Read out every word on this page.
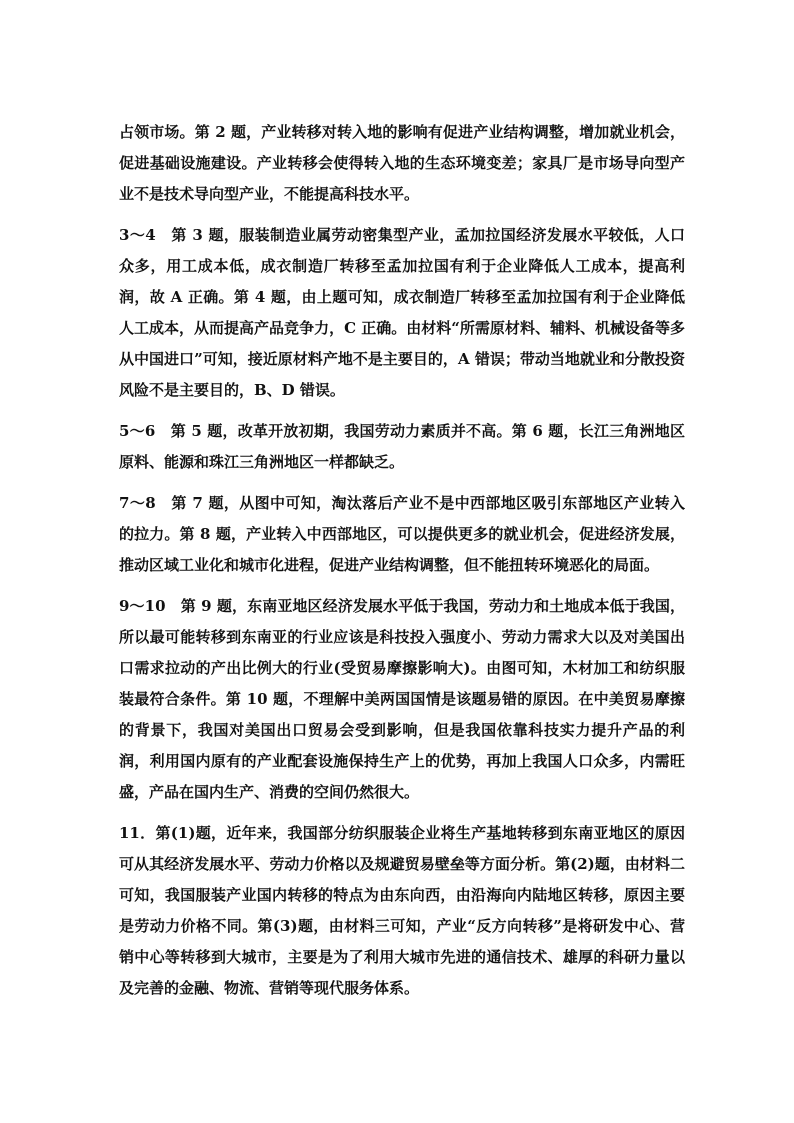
占领市场。第 2 题，产业转移对转入地的影响有促进产业结构调整，增加就业机会，促进基础设施建设。产业转移会使得转入地的生态环境变差；家具厂是市场导向型产业不是技术导向型产业，不能提高科技水平。

3～4　第 3 题，服装制造业属劳动密集型产业，孟加拉国经济发展水平较低，人口众多，用工成本低，成衣制造厂转移至孟加拉国有利于企业降低人工成本，提高利润，故 A 正确。第 4 题，由上题可知，成衣制造厂转移至孟加拉国有利于企业降低人工成本，从而提高产品竞争力，C 正确。由材料“所需原材料、辅料、机械设备等多从中国进口”可知，接近原材料产地不是主要目的，A 错误；带动当地就业和分散投资风险不是主要目的，B、D 错误。

5～6　第 5 题，改革开放初期，我国劳动力素质并不高。第 6 题，长江三角洲地区原料、能源和珠江三角洲地区一样都缺乏。

7～8　第 7 题，从图中可知，淘汰落后产业不是中西部地区吸引东部地区产业转入的拉力。第 8 题，产业转入中西部地区，可以提供更多的就业机会，促进经济发展，推动区域工业化和城市化进程，促进产业结构调整，但不能扭转环境恶化的局面。

9～10　第 9 题，东南亚地区经济发展水平低于我国，劳动力和土地成本低于我国，所以最可能转移到东南亚的行业应该是科技投入强度小、劳动力需求大以及对美国出口需求拉动的产出比例大的行业(受贸易摩擦影响大)。由图可知，木材加工和纺织服装最符合条件。第 10 题，不理解中美两国国情是该题易错的原因。在中美贸易摩擦的背景下，我国对美国出口贸易会受到影响，但是我国依靠科技实力提升产品的利润，利用国内原有的产业配套设施保持生产上的优势，再加上我国人口众多，内需旺盛，产品在国内生产、消费的空间仍然很大。

11．第(1)题，近年来，我国部分纺织服装企业将生产基地转移到东南亚地区的原因可从其经济发展水平、劳动力价格以及规避贸易壁垒等方面分析。第(2)题，由材料二可知，我国服装产业国内转移的特点为由东向西，由沿海向内陆地区转移，原因主要是劳动力价格不同。第(3)题，由材料三可知，产业“反方向转移”是将研发中心、营销中心等转移到大城市，主要是为了利用大城市先进的通信技术、雄厚的科研力量以及完善的金融、物流、营销等现代服务体系。
